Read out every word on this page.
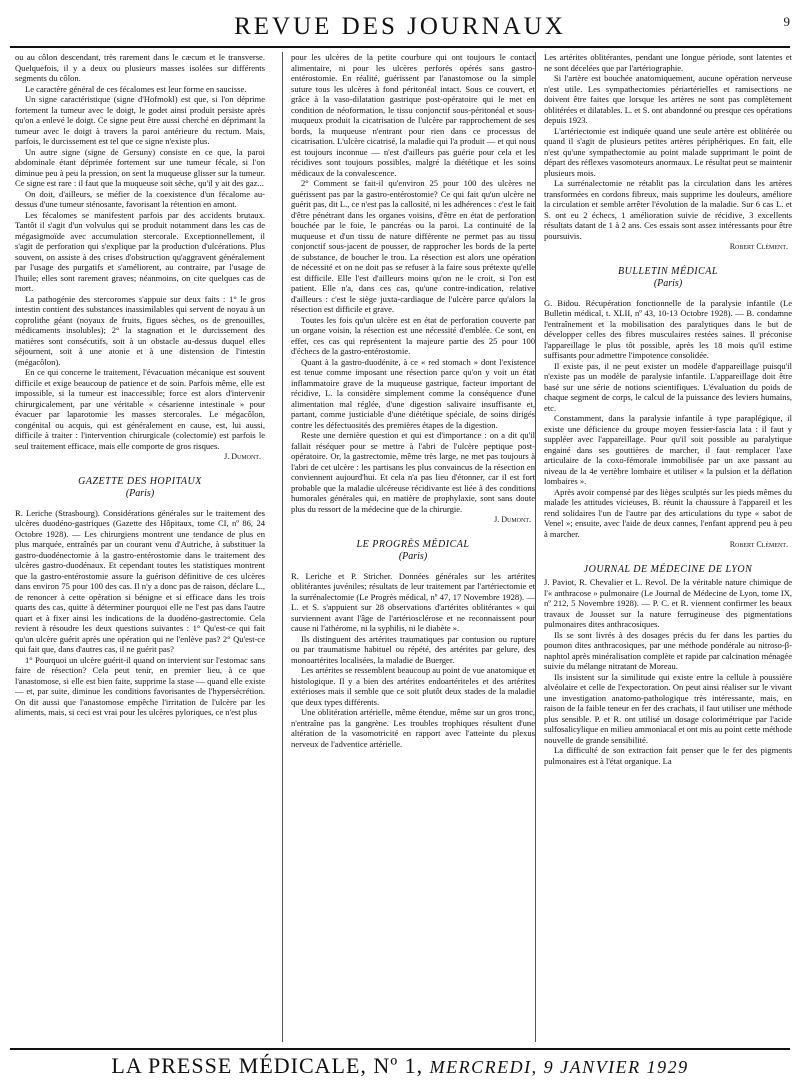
REVUE DES JOURNAUX	9

ou au côlon descendant, très rarement dans le cæcum et le transverse. Quelquefois, il y a deux ou plusieurs masses isolées sur différents segments du côlon.

Le caractère général de ces fécalomes est leur forme en saucisse.

Un signe caractéristique (signe d'Hofmokl) est que, si l'on déprime fortement la tumeur avec le doigt, le godet ainsi produit persiste après qu'on a enlevé le doigt. Ce signe peut être aussi cherché en déprimant la tumeur avec le doigt à travers la paroi antérieure du rectum. Mais, parfois, le durcissement est tel que ce signe n'existe plus.

Un autre signe (signe de Gersuny) consiste en ce que, la paroi abdominale étant déprimée fortement sur une tumeur fécale, si l'on diminue peu à peu la pression, on sent la muqueuse glisser sur la tumeur. Ce signe est rare : il faut que la muqueuse soit sèche, qu'il y ait des gaz...

On doit, d'ailleurs, se méfier de la coexistence d'un fécalome au-dessus d'une tumeur sténosante, favorisant la rétention en amont.

Les fécalomes se manifestent parfois par des accidents brutaux. Tantôt il s'agit d'un volvulus qui se produit notamment dans les cas de mégasigmoïde avec accumulation stercorale. Exceptionnellement, il s'agit de perforation qui s'explique par la production d'ulcérations. Plus souvent, on assiste à des crises d'obstruction qu'aggravent généralement par l'usage des purgatifs et s'améliorent, au contraire, par l'usage de l'huile; elles sont rarement graves; néanmoins, on cite quelques cas de mort.

La pathogénie des stercoromes s'appuie sur deux faits : 1° le gros intestin contient des substances inassimilables qui servent de noyau à un coprolithe géant (noyaux de fruits, figues sèches, os de grenouilles, médicaments insolubles); 2° la stagnation et le durcissement des matières sont consécutifs, soit à un obstacle au-dessus duquel elles séjournent, soit à une atonie et à une distension de l'intestin (mégacôlon).

En ce qui concerne le traitement, l'évacuation mécanique est souvent difficile et exige beaucoup de patience et de soin. Parfois même, elle est impossible, si la tumeur est inaccessible; force est alors d'intervenir chirurgicalement, par une véritable « césarienne intestinale » pour évacuer par laparotomie les masses stercorales. Le mégacôlon, congénital ou acquis, qui est généralement en cause, est, lui aussi, difficile à traiter : l'intervention chirurgicale (colectomie) est parfois le seul traitement efficace, mais elle comporte de gros risques.

J. Dumont.
GAZETTE DES HOPITAUX
(Paris)

R. Leriche (Strasbourg). Considérations générales sur le traitement des ulcères duodéno-gastriques (Gazette des Hôpitaux, tome CI, nº 86, 24 Octobre 1928). — Les chirurgiens montrent une tendance de plus en plus marquée, entraînés par un courant venu d'Autriche, à substituer la gastro-duodénectomie à la gastro-entérostomie dans le traitement des ulcères gastro-duodénaux. Et cependant toutes les statistiques montrent que la gastro-entérostomie assure la guérison définitive de ces ulcères dans environ 75 pour 100 des cas. Il n'y a donc pas de raison, déclare L., de renoncer à cette opération si bénigne et si efficace dans les trois quarts des cas, quitte à déterminer pourquoi elle ne l'est pas dans l'autre quart et à fixer ainsi les indications de la duodéno-gastrectomie. Cela revient à résoudre les deux questions suivantes : 1° Qu'est-ce qui fait qu'un ulcère guérit après une opération qui ne l'enlève pas? 2° Qu'est-ce qui fait que, dans d'autres cas, il ne guérit pas?

1° Pourquoi un ulcère guérit-il quand on intervient sur l'estomac sans faire de résection? Cela peut tenir, en premier lieu, à ce que l'anastomose, si elle est bien faite, supprime la stase — quand elle existe — et, par suite, diminue les conditions favorisantes de l'hypersécrétion. On dit aussi que l'anastomose empêche l'irritation de l'ulcère par les aliments, mais, si ceci est vrai pour les ulcères pyloriques, ce n'est plus

pour les ulcères de la petite courbure qui ont toujours le contact alimentaire, ni pour les ulcères perforés opérés sans gastro-entérostomie. En réalité, guérissent par l'anastomose ou la simple suture tous les ulcères à fond péritonéal intact. Sous ce couvert, et grâce à la vaso-dilatation gastrique post-opératoire qui le met en condition de néoformation, le tissu conjonctif sous-péritonéal et sous-muqueux produit la cicatrisation de l'ulcère par rapprochement de ses bords, la muqueuse n'entrant pour rien dans ce processus de cicatrisation. L'ulcère cicatrisé, la maladie qui l'a produit — et qui nous est toujours inconnue — n'est d'ailleurs pas guérie pour cela et les récidives sont toujours possibles, malgré la diététique et les soins médicaux de la convalescence.

2° Comment se fait-il qu'environ 25 pour 100 des ulcères ne guérissent pas par la gastro-entérostomie? Ce qui fait qu'un ulcère ne guérit pas, dit L., ce n'est pas la callosité, ni les adhérences : c'est le fait d'être pénétrant dans les organes voisins, d'être en état de perforation bouchée par le foie, le pancréas ou la paroi. La continuité de la muqueuse et d'un tissu de nature différente ne permet pas au tissu conjonctif sous-jacent de pousser, de rapprocher les bords de la perte de substance, de boucher le trou. La résection est alors une opération de nécessité et on ne doit pas se refuser à la faire sous prétexte qu'elle est difficile. Elle l'est d'ailleurs moins qu'on ne le croit, si l'on est patient. Elle n'a, dans ces cas, qu'une contre-indication, relative d'ailleurs : c'est le siège juxta-cardiaque de l'ulcère parce qu'alors la résection est difficile et grave.

Toutes les fois qu'un ulcère est en état de perforation couverte par un organe voisin, la résection est une nécessité d'emblée. Ce sont, en effet, ces cas qui représentent la majeure partie des 25 pour 100 d'échecs de la gastro-entérostomie.

Quant à la gastro-duodénite, à ce « red stomach » dont l'existence est tenue comme imposant une résection parce qu'on y voit un état inflammatoire grave de la muqueuse gastrique, facteur important de récidive, L. la considère simplement comme la conséquence d'une alimentation mal réglée, d'une digestion salivaire insuffisante et, partant, comme justiciable d'une diététique spéciale, de soins dirigés contre les défectuosités des premières étapes de la digestion.

Reste une dernière question et qui est d'importance : on a dit qu'il fallait réséquer pour se mettre à l'abri de l'ulcère peptique post-opératoire. Or, la gastrectomie, même très large, ne met pas toujours à l'abri de cet ulcère : les partisans les plus convaincus de la résection en conviennent aujourd'hui. Et cela n'a pas lieu d'étonner, car il est fort probable que la maladie ulcéreuse récidivante est liée à des conditions humorales générales qui, en matière de prophylaxie, sont sans doute plus du ressort de la médecine que de la chirurgie.

J. Dumont.
LE PROGRÈS MÉDICAL
(Paris)

R. Leriche et P. Stricher. Données générales sur les artérites oblitérantes juvéniles; résultats de leur traitement par l'artériectomie et la surrénalectomie (Le Progrès médical, nº 47, 17 Novembre 1928). — L. et S. s'appuient sur 28 observations d'artérites oblitérantes « qui surviennent avant l'âge de l'artériosclérose et ne reconnaissent pour cause ni l'athérome, ni la syphilis, ni le diabète ».

Ils distinguent des artérites traumatiques par contusion ou rupture ou par traumatisme habituel ou répété, des artérites par gelure, des monoartérites localisées, la maladie de Buerger.

Les artérites se ressemblent beaucoup au point de vue anatomique et histologique. Il y a bien des artérites endoartériteles et des artérites extérioses mais il semble que ce soit plutôt deux stades de la maladie que deux types différents.

Une oblitération artérielle, même étendue, même sur un gros tronc, n'entraîne pas la gangrène. Les troubles trophiques résultent d'une altération de la vasomotricité en rapport avec l'atteinte du plexus nerveux de l'adventice artérielle.

Les artérites oblitérantes, pendant une longue période, sont latentes et ne sont décelées que par l'artériographie.

Si l'artère est bouchée anatomiquement, aucune opération nerveuse n'est utile. Les sympathectomies périartérielles et ramisections ne doivent être faites que lorsque les artères ne sont pas complètement oblitérées et dilatables. L. et S. ont abandonné ou presque ces opérations depuis 1923.

L'artériectomie est indiquée quand une seule artère est oblitérée ou quand il s'agit de plusieurs petites artères périphériques. En fait, elle n'est qu'une sympathectomie au point malade supprimant le point de départ des réflexes vasomoteurs anormaux. Le résultat peut se maintenir plusieurs mois.

La surrénalectomie ne rétablit pas la circulation dans les artères transformées en cordons fibreux, mais supprime les douleurs, améliore la circulation et semble arrêter l'évolution de la maladie. Sur 6 cas L. et S. ont eu 2 échecs, 1 amélioration suivie de récidive, 3 excellents résultats datant de 1 à 2 ans. Ces essais sont assez intéressants pour être poursuivis.

Robert Clément.
BULLETIN MÉDICAL
(Paris)

G. Bidou. Récupération fonctionnelle de la paralysie infantile (Le Bulletin médical, t. XLII, nº 43, 10-13 Octobre 1928). — B. condamne l'entraînement et la mobilisation des paralytiques dans le but de développer celles des fibres musculaires restées saines. Il préconise l'appareillage le plus tôt possible, après les 18 mois qu'il estime suffisants pour admettre l'impotence consolidée.

Il existe pas, il ne peut exister un modèle d'appareillage puisqu'il n'existe pas un modèle de paralysie infantile. L'appareillage doit être basé sur une série de notions scientifiques. L'évaluation du poids de chaque segment de corps, le calcul de la puissance des leviers humains, etc.

Constamment, dans la paralysie infantile à type paraplégique, il existe une déficience du groupe moyen fessier-fascia lata : il faut y suppléer avec l'appareillage. Pour qu'il soit possible au paralytique engainé dans ses gouttières de marcher, il faut remplacer l'axe articulaire de la coxo-fémorale immobilisée par un axe passant au niveau de la 4e vertèbre lombaire et utiliser « la pulsion et la déflation lombaires ».

Après avoir compensé par des lièges sculptés sur les pieds mêmes du malade les attitudes vicieuses, B. réunit la chaussure à l'appareil et les rend solidaires l'un de l'autre par des articulations du type « sabot de Venel »; ensuite, avec l'aide de deux cannes, l'enfant apprend peu à peu à marcher.

Robert Clément.
JOURNAL DE MÉDECINE DE LYON

J. Paviot, R. Chevalier et L. Revol. De la véritable nature chimique de l'« anthracose » pulmonaire (Le Journal de Médecine de Lyon, tome IX, nº 212, 5 Novembre 1928). — P. C. et R. viennent confirmer les beaux travaux de Jousset sur la nature ferrugineuse des pigmentations pulmonaires dites anthracosiques.

Ils se sont livrés à des dosages précis du fer dans les parties du poumon dites anthracosiques, par une méthode pondérale au nitroso-β-naphtol après minéralisation complète et rapide par calcination ménagée suivie du mélange nitratant de Moreau.

Ils insistent sur la similitude qui existe entre la cellule à poussière alvéolaire et celle de l'expectoration. On peut ainsi réaliser sur le vivant une investigation anatomo-pathologique très intéressante, mais, en raison de la faible teneur en fer des crachats, il faut utiliser une méthode plus sensible. P. et R. ont utilisé un dosage colorimétrique par l'acide sulfosalicylique en milieu ammoniacal et ont mis au point cette méthode nouvelle de grande sensibilité.

La difficulté de son extraction fait penser que le fer des pigments pulmonaires est à l'état organique. La

LA PRESSE MÉDICALE, Nº 1, MERCREDI, 9 JANVIER 1929
